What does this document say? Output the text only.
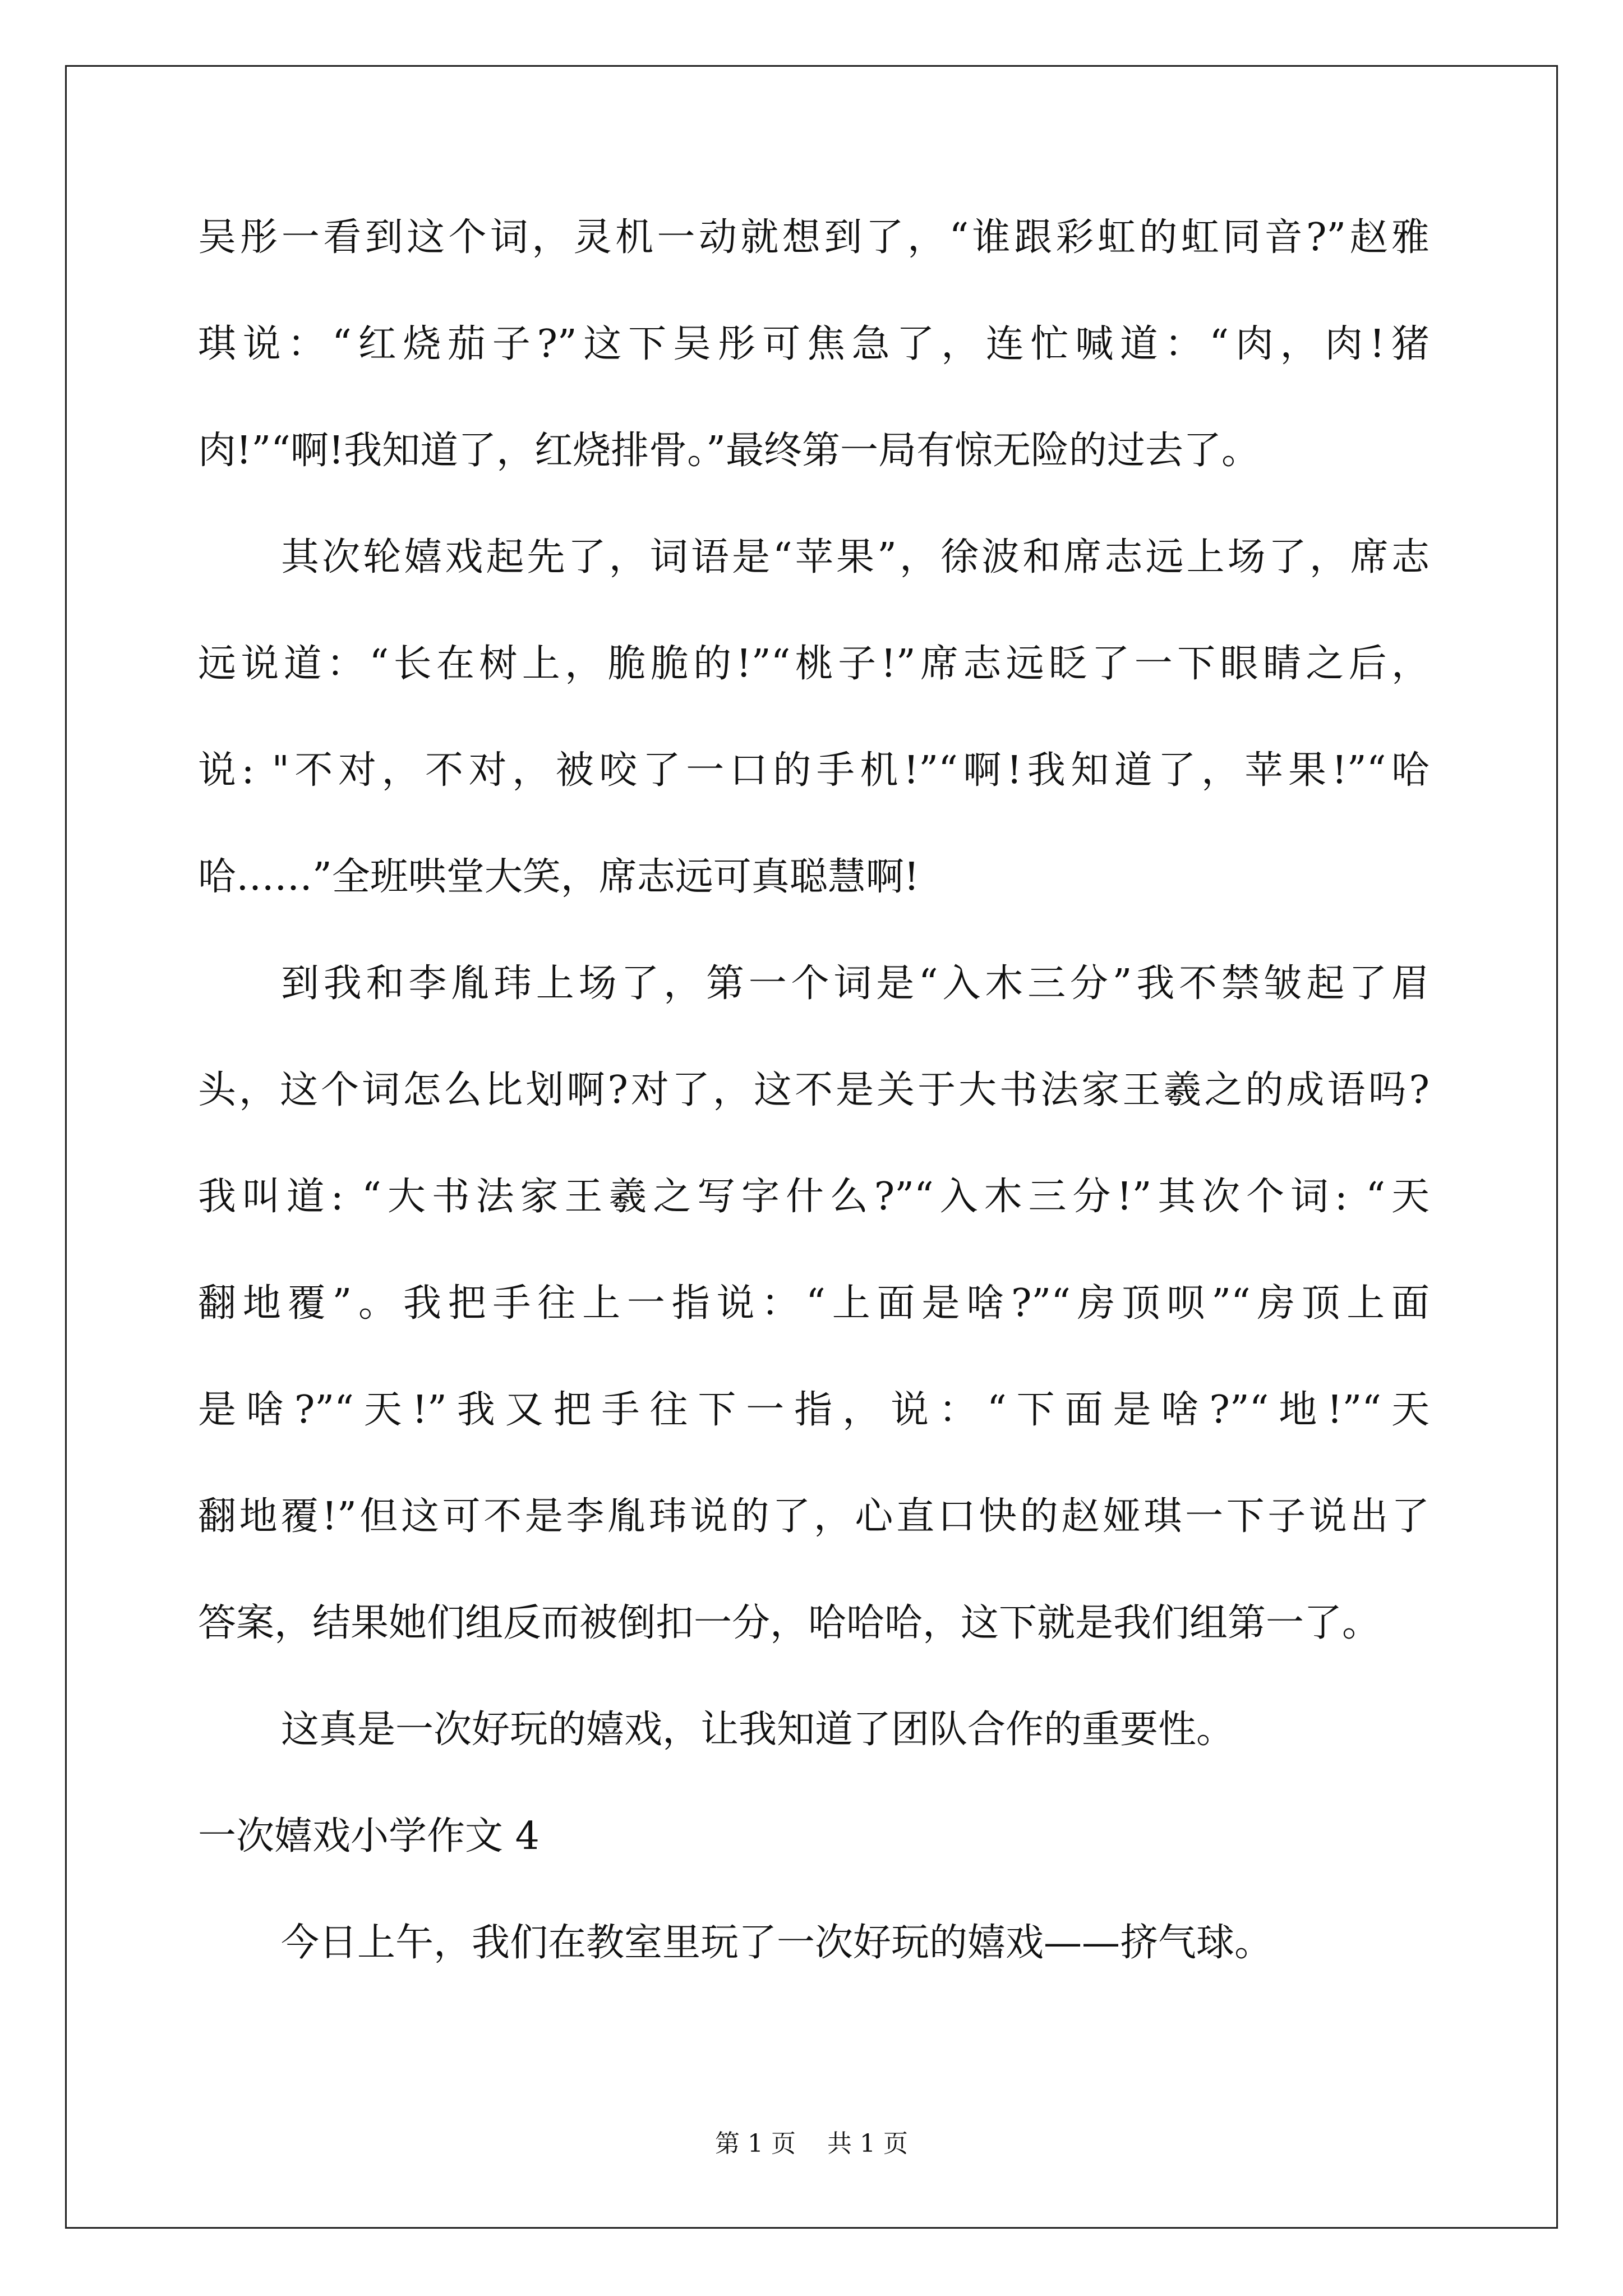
吴彤一看到这个词，灵机一动就想到了，“谁跟彩虹的虹同音?”赵雅
琪说：“红烧茄子?”这下吴彤可焦急了，连忙喊道：“肉，肉!猪
肉!”“啊!我知道了，红烧排骨。”最终第一局有惊无险的过去了。
其次轮嬉戏起先了，词语是“苹果”，徐波和席志远上场了，席志
远说道：“长在树上，脆脆的!”“桃子!”席志远眨了一下眼睛之后，
说: "不对，不对，被咬了一口的手机!”“啊!我知道了，苹果!”“哈
哈……”全班哄堂大笑，席志远可真聪慧啊!
到我和李胤玮上场了，第一个词是“入木三分”我不禁皱起了眉
头，这个词怎么比划啊?对了，这不是关于大书法家王羲之的成语吗?
我叫道: “大书法家王羲之写字什么?”“入木三分!”其次个词: “天
翻地覆”。我把手往上一指说：“上面是啥?”“房顶呗”“房顶上面
是啥?”“天!”我又把手往下一指，说：“下面是啥?”“地!”“天
翻地覆!”但这可不是李胤玮说的了，心直口快的赵娅琪一下子说出了
答案，结果她们组反而被倒扣一分，哈哈哈，这下就是我们组第一了。
这真是一次好玩的嬉戏，让我知道了团队合作的重要性。
一次嬉戏小学作文 4
今日上午，我们在教室里玩了一次好玩的嬉戏——挤气球。
第 1 页 共 1 页
